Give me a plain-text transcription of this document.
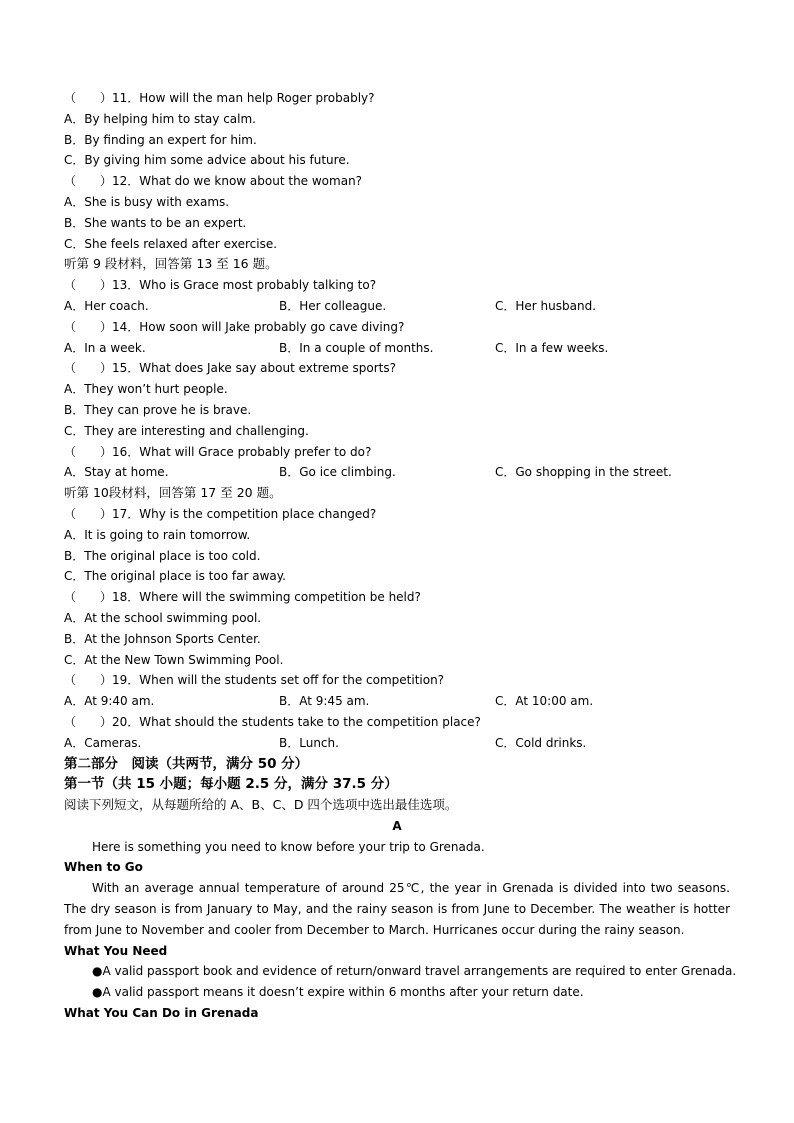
（　　）11．How will the man help Roger probably?
A．By helping him to stay calm.
B．By finding an expert for him.
C．By giving him some advice about his future.
（　　）12．What do we know about the woman?
A．She is busy with exams.
B．She wants to be an expert.
C．She feels relaxed after exercise.
听第 9 段材料，回答第 13 至 16 题。
（　　）13．Who is Grace most probably talking to?
A．Her coach.	B．Her colleague.	C．Her husband.
（　　）14．How soon will Jake probably go cave diving?
A．In a week.	B．In a couple of months.	C．In a few weeks.
（　　）15．What does Jake say about extreme sports?
A．They won’t hurt people.
B．They can prove he is brave.
C．They are interesting and challenging.
（　　）16．What will Grace probably prefer to do?
A．Stay at home.	B．Go ice climbing.	C．Go shopping in the street.
听第 10段材料，回答第 17 至 20 题。
（　　）17．Why is the competition place changed?
A．It is going to rain tomorrow.
B．The original place is too cold.
C．The original place is too far away.
（　　）18．Where will the swimming competition be held?
A．At the school swimming pool.
B．At the Johnson Sports Center.
C．At the New Town Swimming Pool.
（　　）19．When will the students set off for the competition?
A．At 9:40 am.	B．At 9:45 am.	C．At 10:00 am.
（　　）20．What should the students take to the competition place?
A．Cameras.	B．Lunch.	C．Cold drinks.
第二部分　阅读（共两节，满分 50 分）
第一节（共 15 小题；每小题 2.5 分，满分 37.5 分）
阅读下列短文，从每题所给的 A、B、C、D 四个选项中选出最佳选项。
A
Here is something you need to know before your trip to Grenada.
When to Go
With an average annual temperature of around 25℃, the year in Grenada is divided into two seasons. The dry season is from January to May, and the rainy season is from June to December. The weather is hotter from June to November and cooler from December to March. Hurricanes occur during the rainy season.
What You Need
●A valid passport book and evidence of return/onward travel arrangements are required to enter Grenada.
●A valid passport means it doesn’t expire within 6 months after your return date.
What You Can Do in Grenada
